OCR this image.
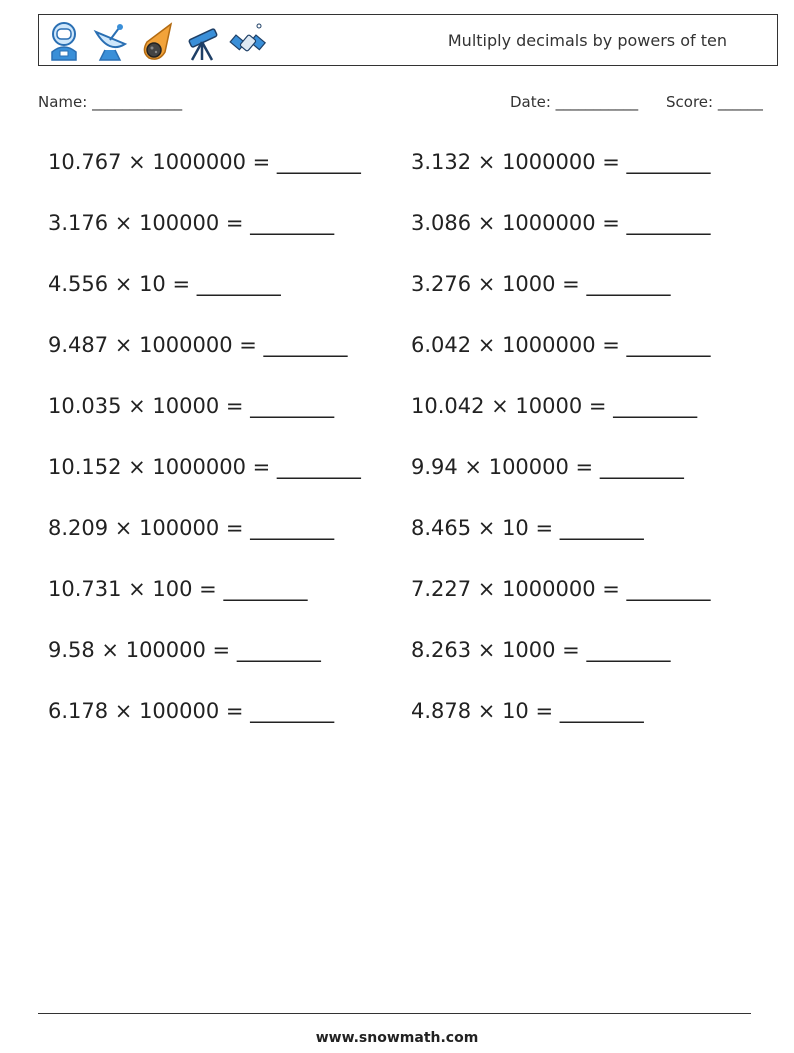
Multiply decimals by powers of ten
Name: ____________	Date: ___________ Score: ______
10.767 × 1000000 = ________
3.176 × 100000 = ________
4.556 × 10 = ________
9.487 × 1000000 = ________
10.035 × 10000 = ________
10.152 × 1000000 = ________
8.209 × 100000 = ________
10.731 × 100 = ________
9.58 × 100000 = ________
6.178 × 100000 = ________
3.132 × 1000000 = ________
3.086 × 1000000 = ________
3.276 × 1000 = ________
6.042 × 1000000 = ________
10.042 × 10000 = ________
9.94 × 100000 = ________
8.465 × 10 = ________
7.227 × 1000000 = ________
8.263 × 1000 = ________
4.878 × 10 = ________
www.snowmath.com
